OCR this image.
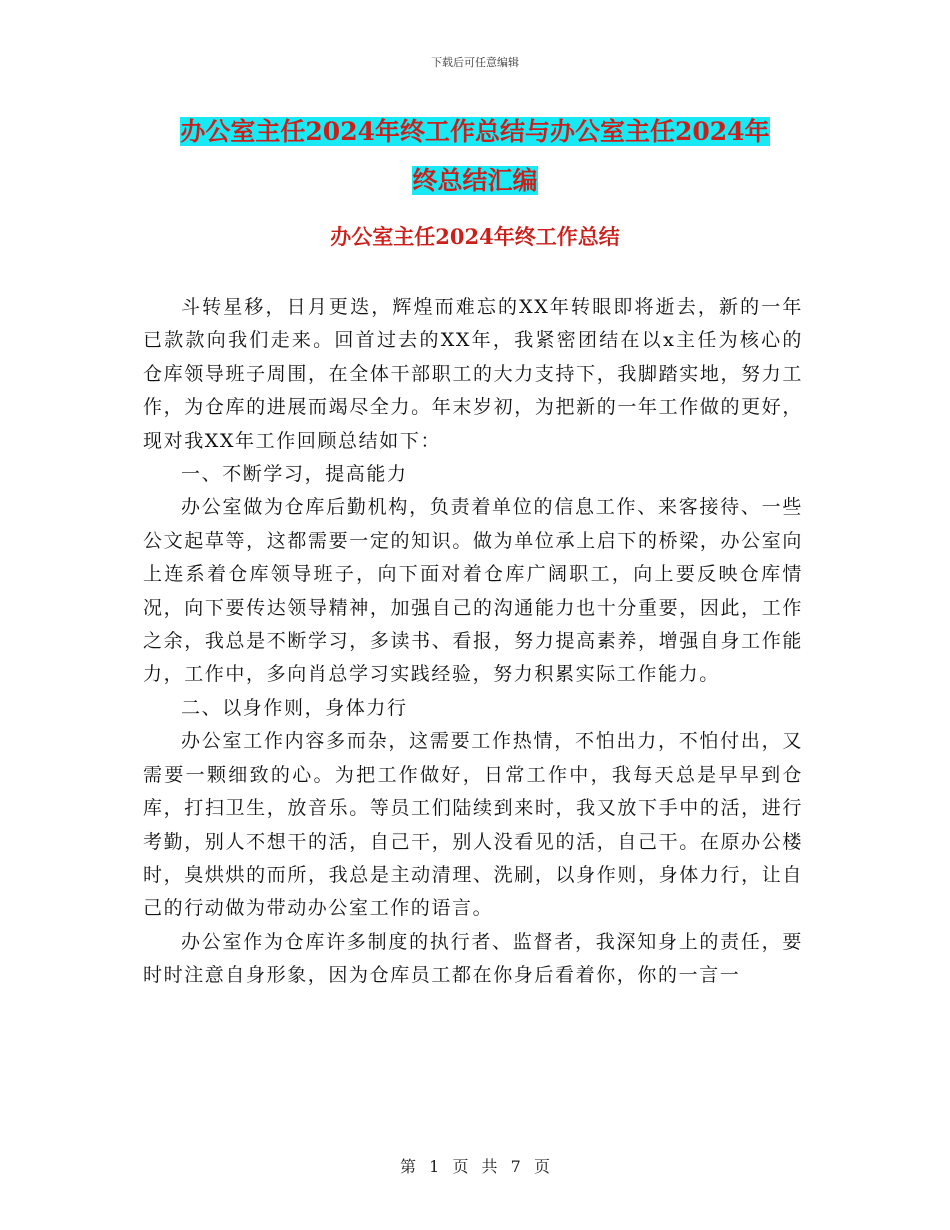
下载后可任意编辑
办公室主任2024年终工作总结与办公室主任2024年
终总结汇编
办公室主任2024年终工作总结

斗转星移，日月更迭，辉煌而难忘的XX年转眼即将逝去，新的一年已款款向我们走来。回首过去的XX年，我紧密团结在以x主任为核心的仓库领导班子周围，在全体干部职工的大力支持下，我脚踏实地，努力工作，为仓库的进展而竭尽全力。年末岁初，为把新的一年工作做的更好，现对我XX年工作回顾总结如下：

一、不断学习，提高能力

办公室做为仓库后勤机构，负责着单位的信息工作、来客接待、一些公文起草等，这都需要一定的知识。做为单位承上启下的桥梁，办公室向上连系着仓库领导班子，向下面对着仓库广阔职工，向上要反映仓库情况，向下要传达领导精神，加强自己的沟通能力也十分重要，因此，工作之余，我总是不断学习，多读书、看报，努力提高素养，增强自身工作能力，工作中，多向肖总学习实践经验，努力积累实际工作能力。

二、以身作则，身体力行

办公室工作内容多而杂，这需要工作热情，不怕出力，不怕付出，又需要一颗细致的心。为把工作做好，日常工作中，我每天总是早早到仓库，打扫卫生，放音乐。等员工们陆续到来时，我又放下手中的活，进行考勤，别人不想干的活，自己干，别人没看见的活，自己干。在原办公楼时，臭烘烘的而所，我总是主动清理、洗刷，以身作则，身体力行，让自己的行动做为带动办公室工作的语言。

办公室作为仓库许多制度的执行者、监督者，我深知身上的责任，要时时注意自身形象，因为仓库员工都在你身后看着你，你的一言一

第 1 页 共 7 页
